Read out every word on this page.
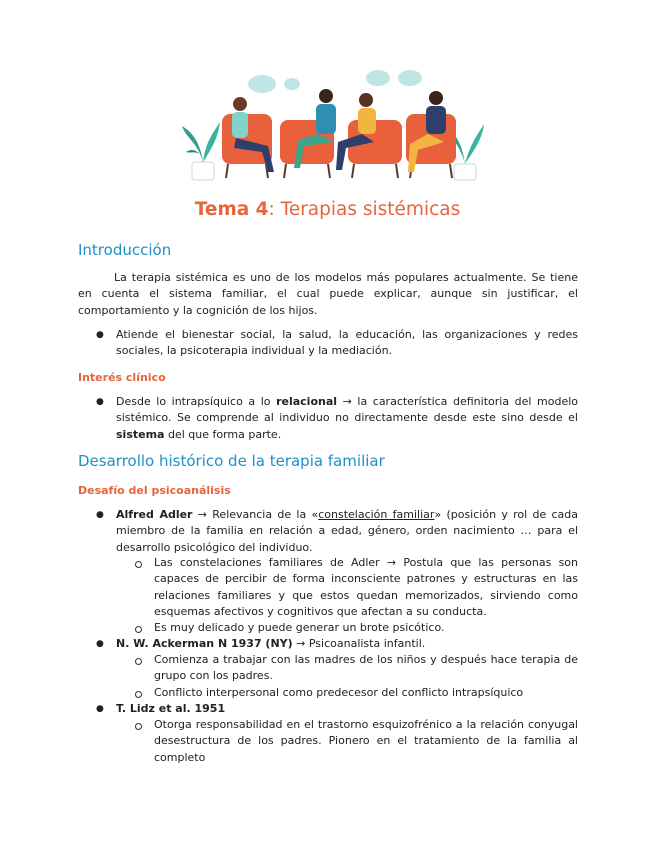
Tema 4: Terapias sistémicas
Introducción
La terapia sistémica es uno de los modelos más populares actualmente. Se tiene en cuenta el sistema familiar, el cual puede explicar, aunque sin justificar, el comportamiento y la cognición de los hijos.
● Atiende el bienestar social, la salud, la educación, las organizaciones y redes sociales, la psicoterapia individual y la mediación.
Interés clínico
● Desde lo intrapsíquico a lo relacional → la característica definitoria del modelo sistémico. Se comprende al individuo no directamente desde este sino desde el sistema del que forma parte.
Desarrollo histórico de la terapia familiar
Desafío del psicoanálisis
● Alfred Adler → Relevancia de la «constelación familiar» (posición y rol de cada miembro de la familia en relación a edad, género, orden nacimiento … para el desarrollo psicológico del individuo.
Las constelaciones familiares de Adler → Postula que las personas son capaces de percibir de forma inconsciente patrones y estructuras en las relaciones familiares y que estos quedan memorizados, sirviendo como esquemas afectivos y cognitivos que afectan a su conducta.
Es muy delicado y puede generar un brote psicótico.
● N. W. Ackerman N 1937 (NY) → Psicoanalista infantil.
Comienza a trabajar con las madres de los niños y después hace terapia de grupo con los padres.
Conflicto interpersonal como predecesor del conflicto intrapsíquico
● T. Lidz et al. 1951
Otorga responsabilidad en el trastorno esquizofrénico a la relación conyugal desestructura de los padres. Pionero en el tratamiento de la familia al completo
